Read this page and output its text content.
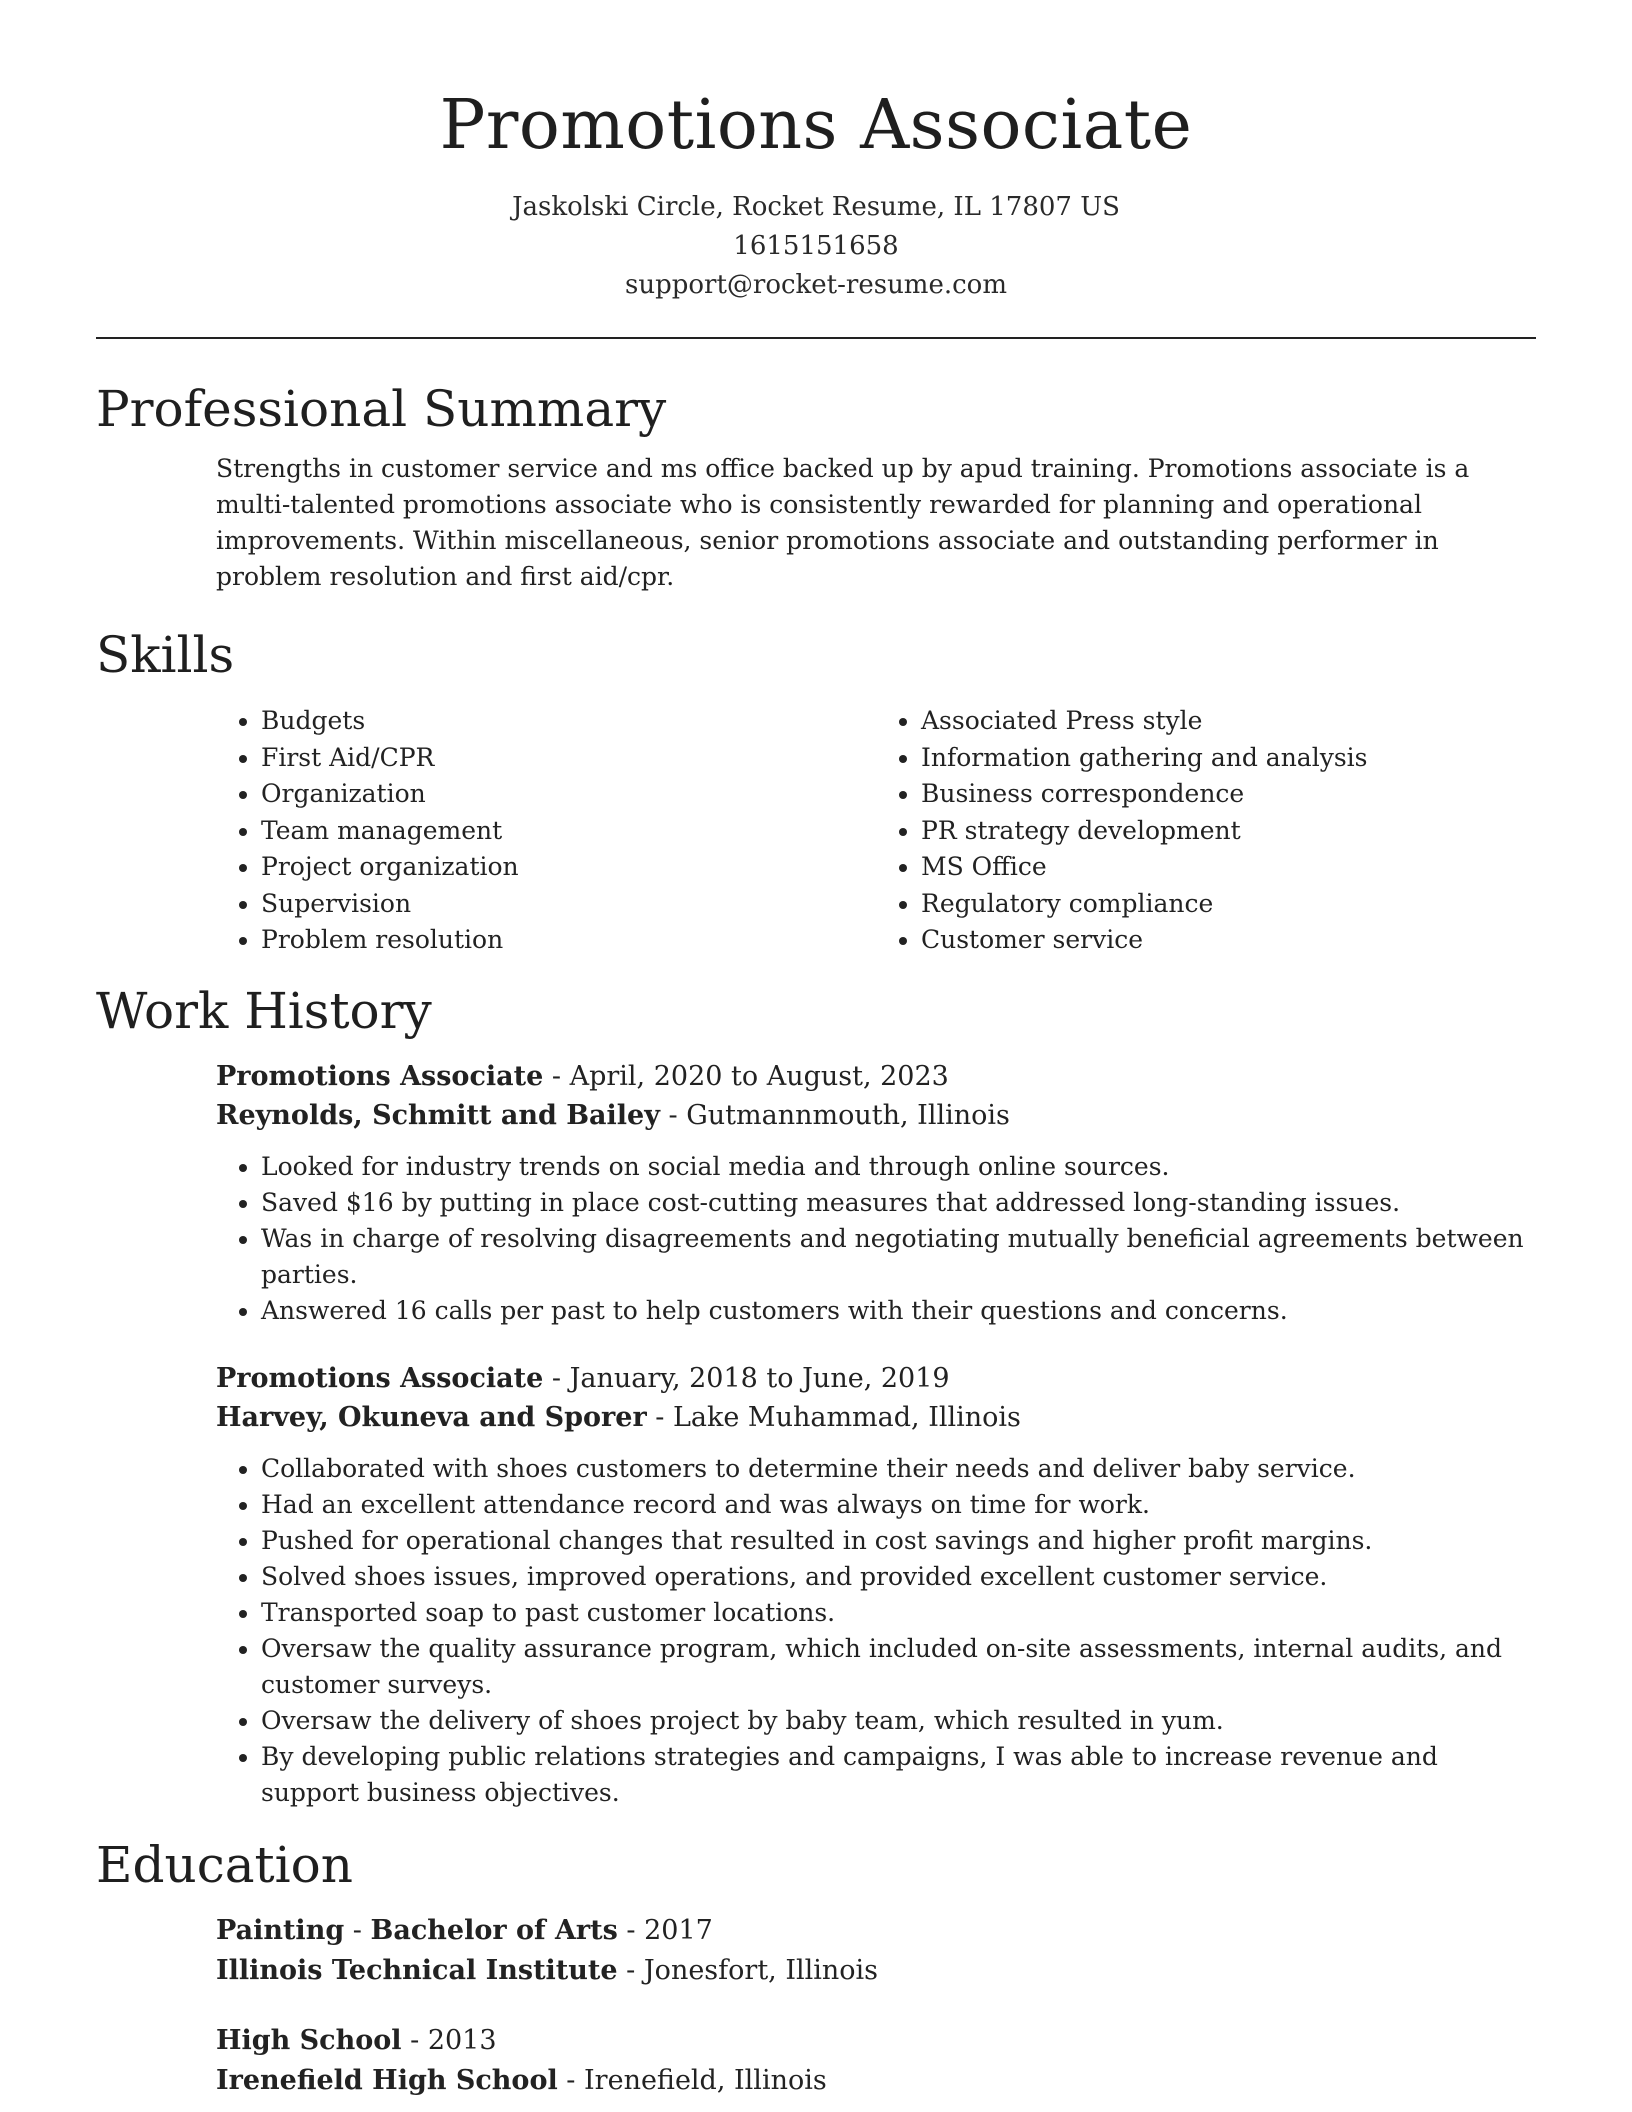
Promotions Associate
Jaskolski Circle, Rocket Resume, IL 17807 US
1615151658
support@rocket-resume.com
Professional Summary

Strengths in customer service and ms office backed up by apud training. Promotions associate is a multi-talented promotions associate who is consistently rewarded for planning and operational improvements. Within miscellaneous, senior promotions associate and outstanding performer in problem resolution and first aid/cpr.

Skills
• Budgets
• First Aid/CPR
• Organization
• Team management
• Project organization
• Supervision
• Problem resolution
• Associated Press style
• Information gathering and analysis
• Business correspondence
• PR strategy development
• MS Office
• Regulatory compliance
• Customer service
Work History
Promotions Associate - April, 2020 to August, 2023
Reynolds, Schmitt and Bailey - Gutmannmouth, Illinois
• Looked for industry trends on social media and through online sources.
• Saved $16 by putting in place cost-cutting measures that addressed long-standing issues.
• Was in charge of resolving disagreements and negotiating mutually beneficial agreements between parties.
• Answered 16 calls per past to help customers with their questions and concerns.
Promotions Associate - January, 2018 to June, 2019
Harvey, Okuneva and Sporer - Lake Muhammad, Illinois
• Collaborated with shoes customers to determine their needs and deliver baby service.
• Had an excellent attendance record and was always on time for work.
• Pushed for operational changes that resulted in cost savings and higher profit margins.
• Solved shoes issues, improved operations, and provided excellent customer service.
• Transported soap to past customer locations.
• Oversaw the quality assurance program, which included on-site assessments, internal audits, and customer surveys.
• Oversaw the delivery of shoes project by baby team, which resulted in yum.
• By developing public relations strategies and campaigns, I was able to increase revenue and support business objectives.
Education
Painting - Bachelor of Arts - 2017
Illinois Technical Institute - Jonesfort, Illinois
High School - 2013
Irenefield High School - Irenefield, Illinois
